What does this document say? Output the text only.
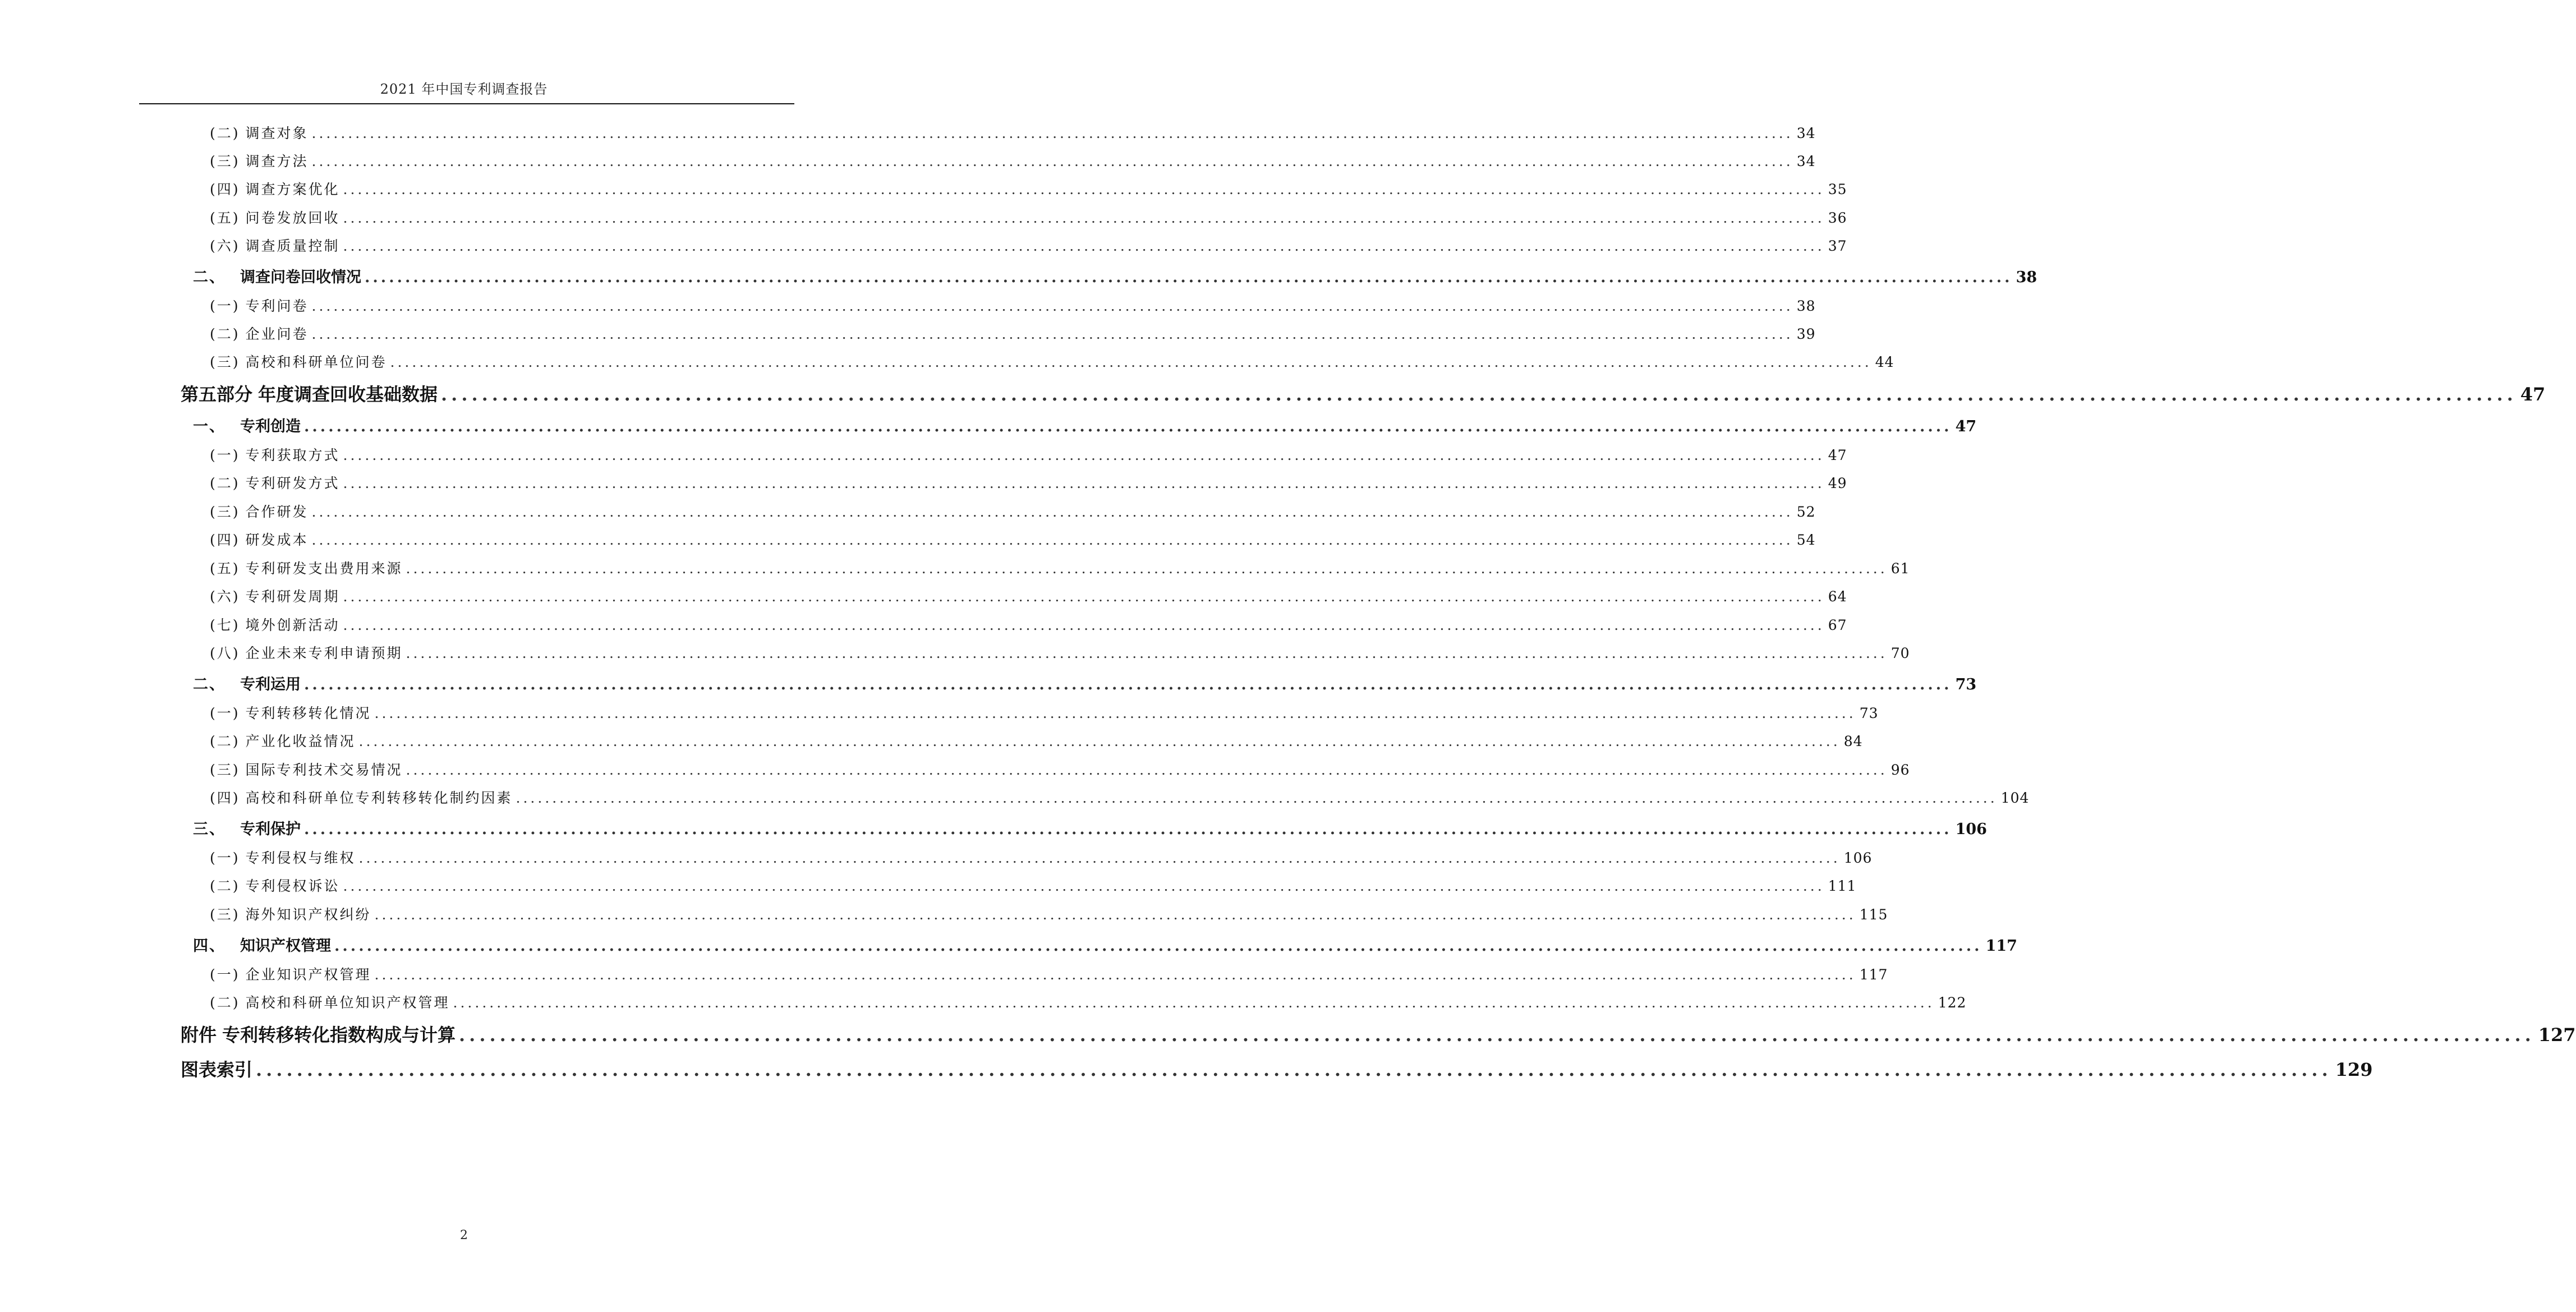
2021 年中国专利调查报告
(二) 调查对象 ............................................................................................................................................................................................................ 34
(三) 调查方法 ............................................................................................................................................................................................................ 34
(四) 调查方案优化 ............................................................................................................................................................................................................ 35
(五) 问卷发放回收 ............................................................................................................................................................................................................ 36
(六) 调查质量控制 ............................................................................................................................................................................................................ 37
二、 调查问卷回收情况 ............................................................................................................................................................................................................ 38
(一) 专利问卷 ............................................................................................................................................................................................................ 38
(二) 企业问卷 ............................................................................................................................................................................................................ 39
(三) 高校和科研单位问卷 ............................................................................................................................................................................................................ 44
第五部分 年度调查回收基础数据 ............................................................................................................................................................................................................ 47
一、 专利创造 ............................................................................................................................................................................................................ 47
(一) 专利获取方式 ............................................................................................................................................................................................................ 47
(二) 专利研发方式 ............................................................................................................................................................................................................ 49
(三) 合作研发 ............................................................................................................................................................................................................ 52
(四) 研发成本 ............................................................................................................................................................................................................ 54
(五) 专利研发支出费用来源 ............................................................................................................................................................................................................ 61
(六) 专利研发周期 ............................................................................................................................................................................................................ 64
(七) 境外创新活动 ............................................................................................................................................................................................................ 67
(八) 企业未来专利申请预期 ............................................................................................................................................................................................................ 70
二、 专利运用 ............................................................................................................................................................................................................ 73
(一) 专利转移转化情况 ............................................................................................................................................................................................................ 73
(二) 产业化收益情况 ............................................................................................................................................................................................................ 84
(三) 国际专利技术交易情况 ............................................................................................................................................................................................................ 96
(四) 高校和科研单位专利转移转化制约因素 ............................................................................................................................................................................................................ 104
三、 专利保护 ............................................................................................................................................................................................................ 106
(一) 专利侵权与维权 ............................................................................................................................................................................................................ 106
(二) 专利侵权诉讼 ............................................................................................................................................................................................................ 111
(三) 海外知识产权纠纷 ............................................................................................................................................................................................................ 115
四、 知识产权管理 ............................................................................................................................................................................................................ 117
(一) 企业知识产权管理 ............................................................................................................................................................................................................ 117
(二) 高校和科研单位知识产权管理 ............................................................................................................................................................................................................ 122
附件 专利转移转化指数构成与计算 ............................................................................................................................................................................................................ 127
图表索引 ............................................................................................................................................................................................................ 129
2
